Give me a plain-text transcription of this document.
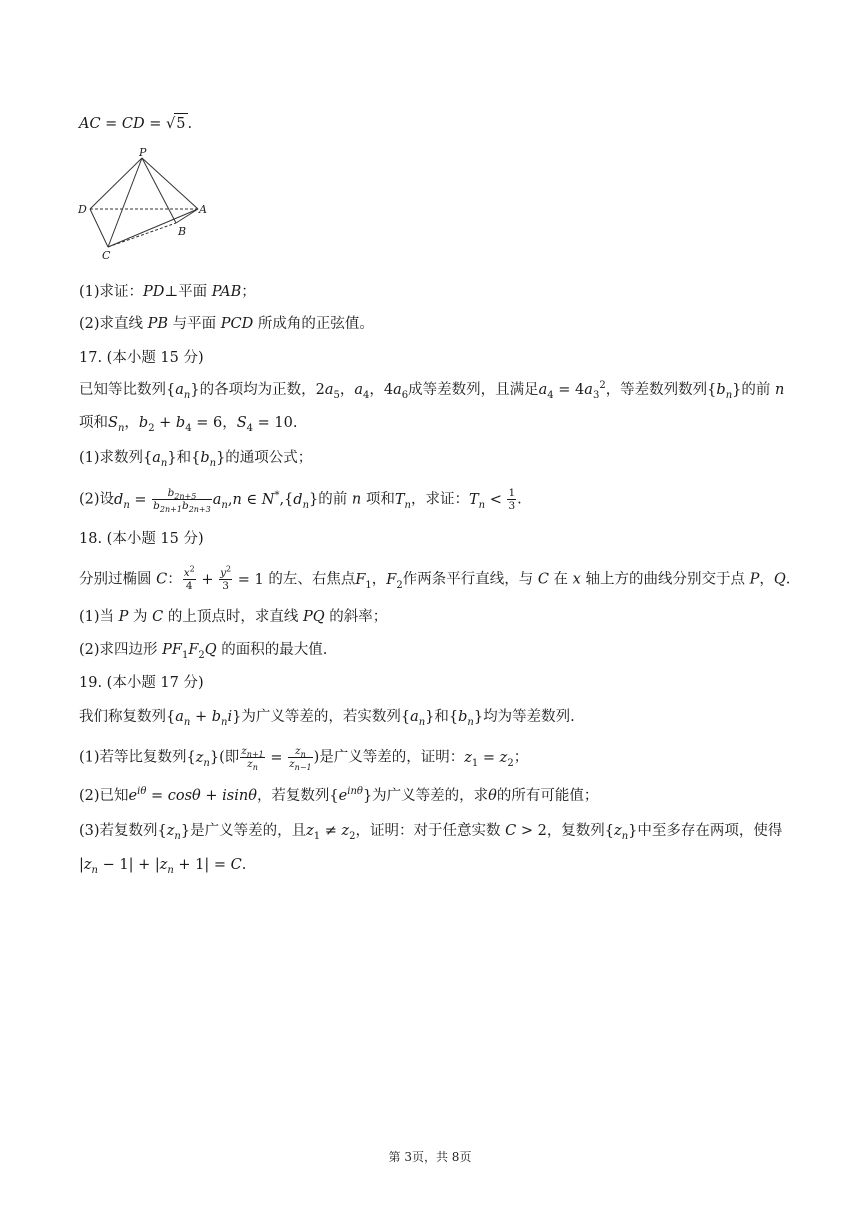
AC = CD = √5 .
P
D	A
B
C
(1)求证：PD⊥平面 PAB；
(2)求直线 PB 与平面 PCD 所成角的正弦值。
17. (本小题 15 分)
已知等比数列$\{a_n\}$的各项均为正数，$2a_5$，$a_4$，$4a_6$成等差数列，且满足$a_4 = 4a_3^2$，等差数列数列$\{b_n\}$的前 n
项和$S_n$，$b_2 + b_4 = 6$，$S_4 = 10$.
(1)求数列$\{a_n\}$和$\{b_n\}$的通项公式；
(2)设$d_n = \frac{b_{2n+5}}{b_{2n+1}b_{2n+3}} a_n,n$ ∈ $N^*,\{d_n\}$的前 n 项和$T_n$，求证：$T_n < \frac{1}{3}$ .
18. (本小题 15 分)
分别过椭圆 C： $\frac{x^2}{4} + \frac{y^2}{3} = 1$ 的左、右焦点$F_1$，$F_2$作两条平行直线，与 C 在 x 轴上方的曲线分别交于点 P，Q.
(1)当 P 为 C 的上顶点时，求直线 PQ 的斜率；
(2)求四边形 $PF_1F_2Q$ 的面积的最大值.
19. (本小题 17 分)
我们称复数列$\{a_n + b_ni\}$为广义等差的，若实数列$\{a_n\}$和$\{b_n\}$均为等差数列.
(1)若等比复数列$\{z_n\}$(即 $\frac{z_{n+1}}{z_n} = \frac{z_n}{z_{n-1}}$ )是广义等差的，证明：$z_1 = z_2$；
(2)已知$e^{i\theta} = \cos\theta + isin\theta$，若复数列$\{e^{in\theta}\}$为广义等差的，求θ的所有可能值；
(3)若复数列$\{z_n\}$是广义等差的，且$z_1 \ne z_2$，证明：对于任意实数 C > 2，复数列$\{z_n\}$中至多存在两项，使得
$|z_n - 1| + |z_n + 1| = C$.
第 3页，共 8页
